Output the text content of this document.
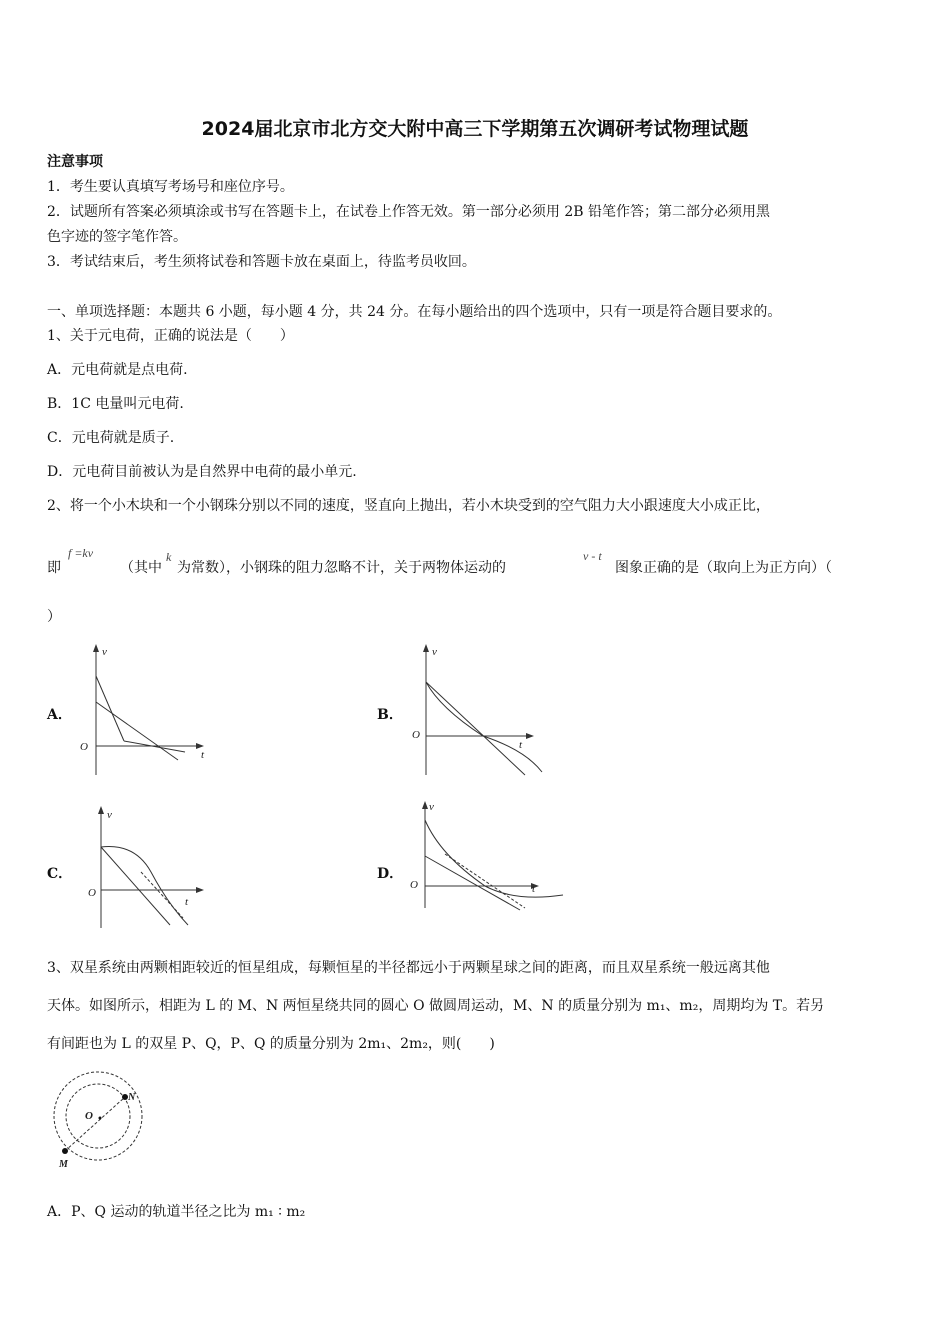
2024届北京市北方交大附中高三下学期第五次调研考试物理试题
注意事项
1．考生要认真填写考场号和座位序号。
2．试题所有答案必须填涂或书写在答题卡上，在试卷上作答无效。第一部分必须用 2B 铅笔作答；第二部分必须用黑
色字迹的签字笔作答。
3．考试结束后，考生须将试卷和答题卡放在桌面上，待监考员收回。
一、单项选择题：本题共 6 小题，每小题 4 分，共 24 分。在每小题给出的四个选项中，只有一项是符合题目要求的。
1、关于元电荷，正确的说法是（　　）
A．元电荷就是点电荷.
B．1C 电量叫元电荷.
C．元电荷就是质子.
D．元电荷目前被认为是自然界中电荷的最小单元.
2、将一个小木块和一个小钢珠分别以不同的速度，竖直向上抛出，若小木块受到的空气阻力大小跟速度大小成正比，
即
f =kv
（其中
k
为常数），小钢珠的阻力忽略不计，关于两物体运动的
v - t
图象正确的是（取向上为正方向）（
）
A．	B．
C．	D．
v
t
O
v
t
O
v
t
O
v
t
O
3、双星系统由两颗相距较近的恒星组成，每颗恒星的半径都远小于两颗星球之间的距离，而且双星系统一般远离其他
天体。如图所示，相距为 L 的 M、N 两恒星绕共同的圆心 O 做圆周运动，M、N 的质量分别为 m₁、m₂，周期均为 T。若另
有间距也为 L 的双星 P、Q，P、Q 的质量分别为 2m₁、2m₂，则(　　)
O
N
M
A．P、Q 运动的轨道半径之比为 m₁ ∶ m₂
